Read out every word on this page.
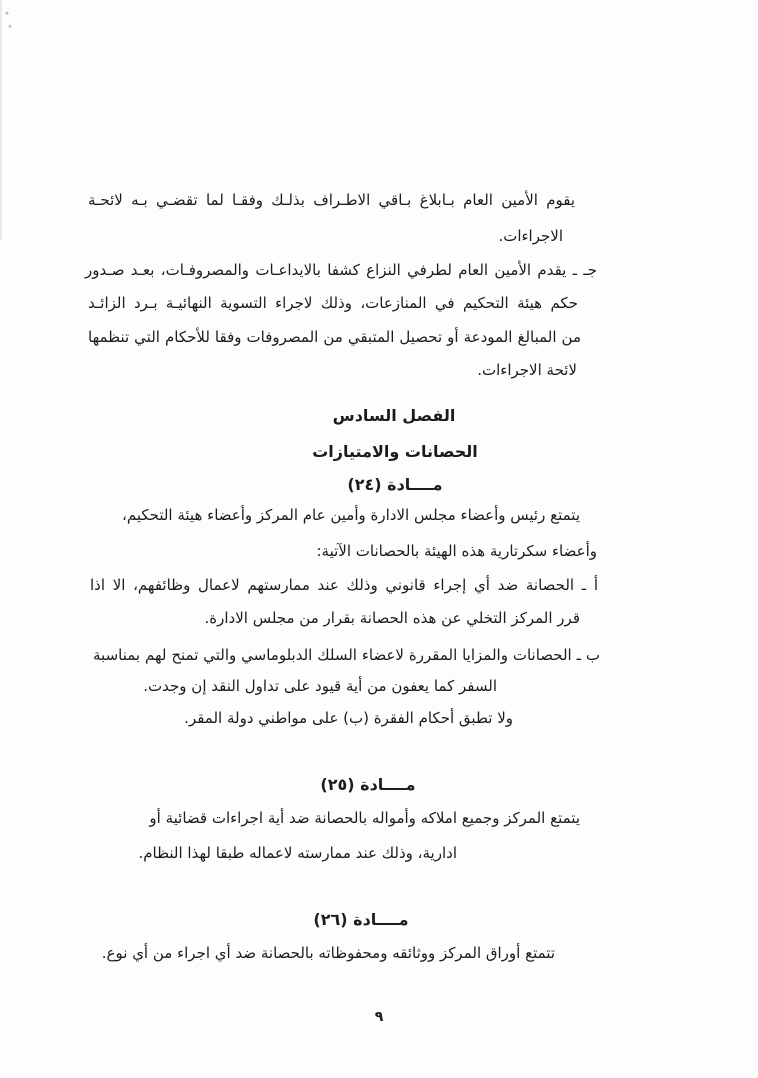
يقوم الأمين العام بـابلاغ بـاقي الاطـراف بذلـك وفقـا لما تقضـي بـه لائحـة
الاجراءات.
جـ ـ يقدم الأمين العام لطرفي النزاع كشفا بالايداعـات والمصروفـات، بعـد صـدور
حكم هيئة التحكيم في المنازعات، وذلك لاجراء التسوية النهائيـة بـرد الزائـد
من المبالغ المودعة أو تحصيل المتبقي من المصروفات وفقا للأحكام التي تنظمها
لائحة الاجراءات.
الفصل السادس
الحصانات والامتيازات
مــــادة (٢٤)
يتمتع رئيس وأعضاء مجلس الادارة وأمين عام المركز وأعضاء هيئة التحكيم،
وأعضاء سكرتارية هذه الهيئة بالحصانات الآتية:
أ ـ الحصانة ضد أي إجراء قانوني وذلك عند ممارستهم لاعمال وظائفهم، الا اذا
قرر المركز التخلي عن هذه الحصانة بقرار من مجلس الادارة.
ب ـ الحصانات والمزايا المقررة لاعضاء السلك الدبلوماسي والتي تمنح لهم بمناسبة
السفر كما يعفون من أية قيود على تداول النقد إن وجدت.
ولا تطبق أحكام الفقرة (ب) على مواطني دولة المقر.
مــــادة (٢٥)
يتمتع المركز وجميع املاكه وأمواله بالحصانة ضد أية اجراءات قضائية أو
ادارية، وذلك عند ممارسته لاعماله طبقا لهذا النظام.
مــــادة (٢٦)
تتمتع أوراق المركز ووثائقه ومحفوظاته بالحصانة ضد أي اجراء من أي نوع.
٩
